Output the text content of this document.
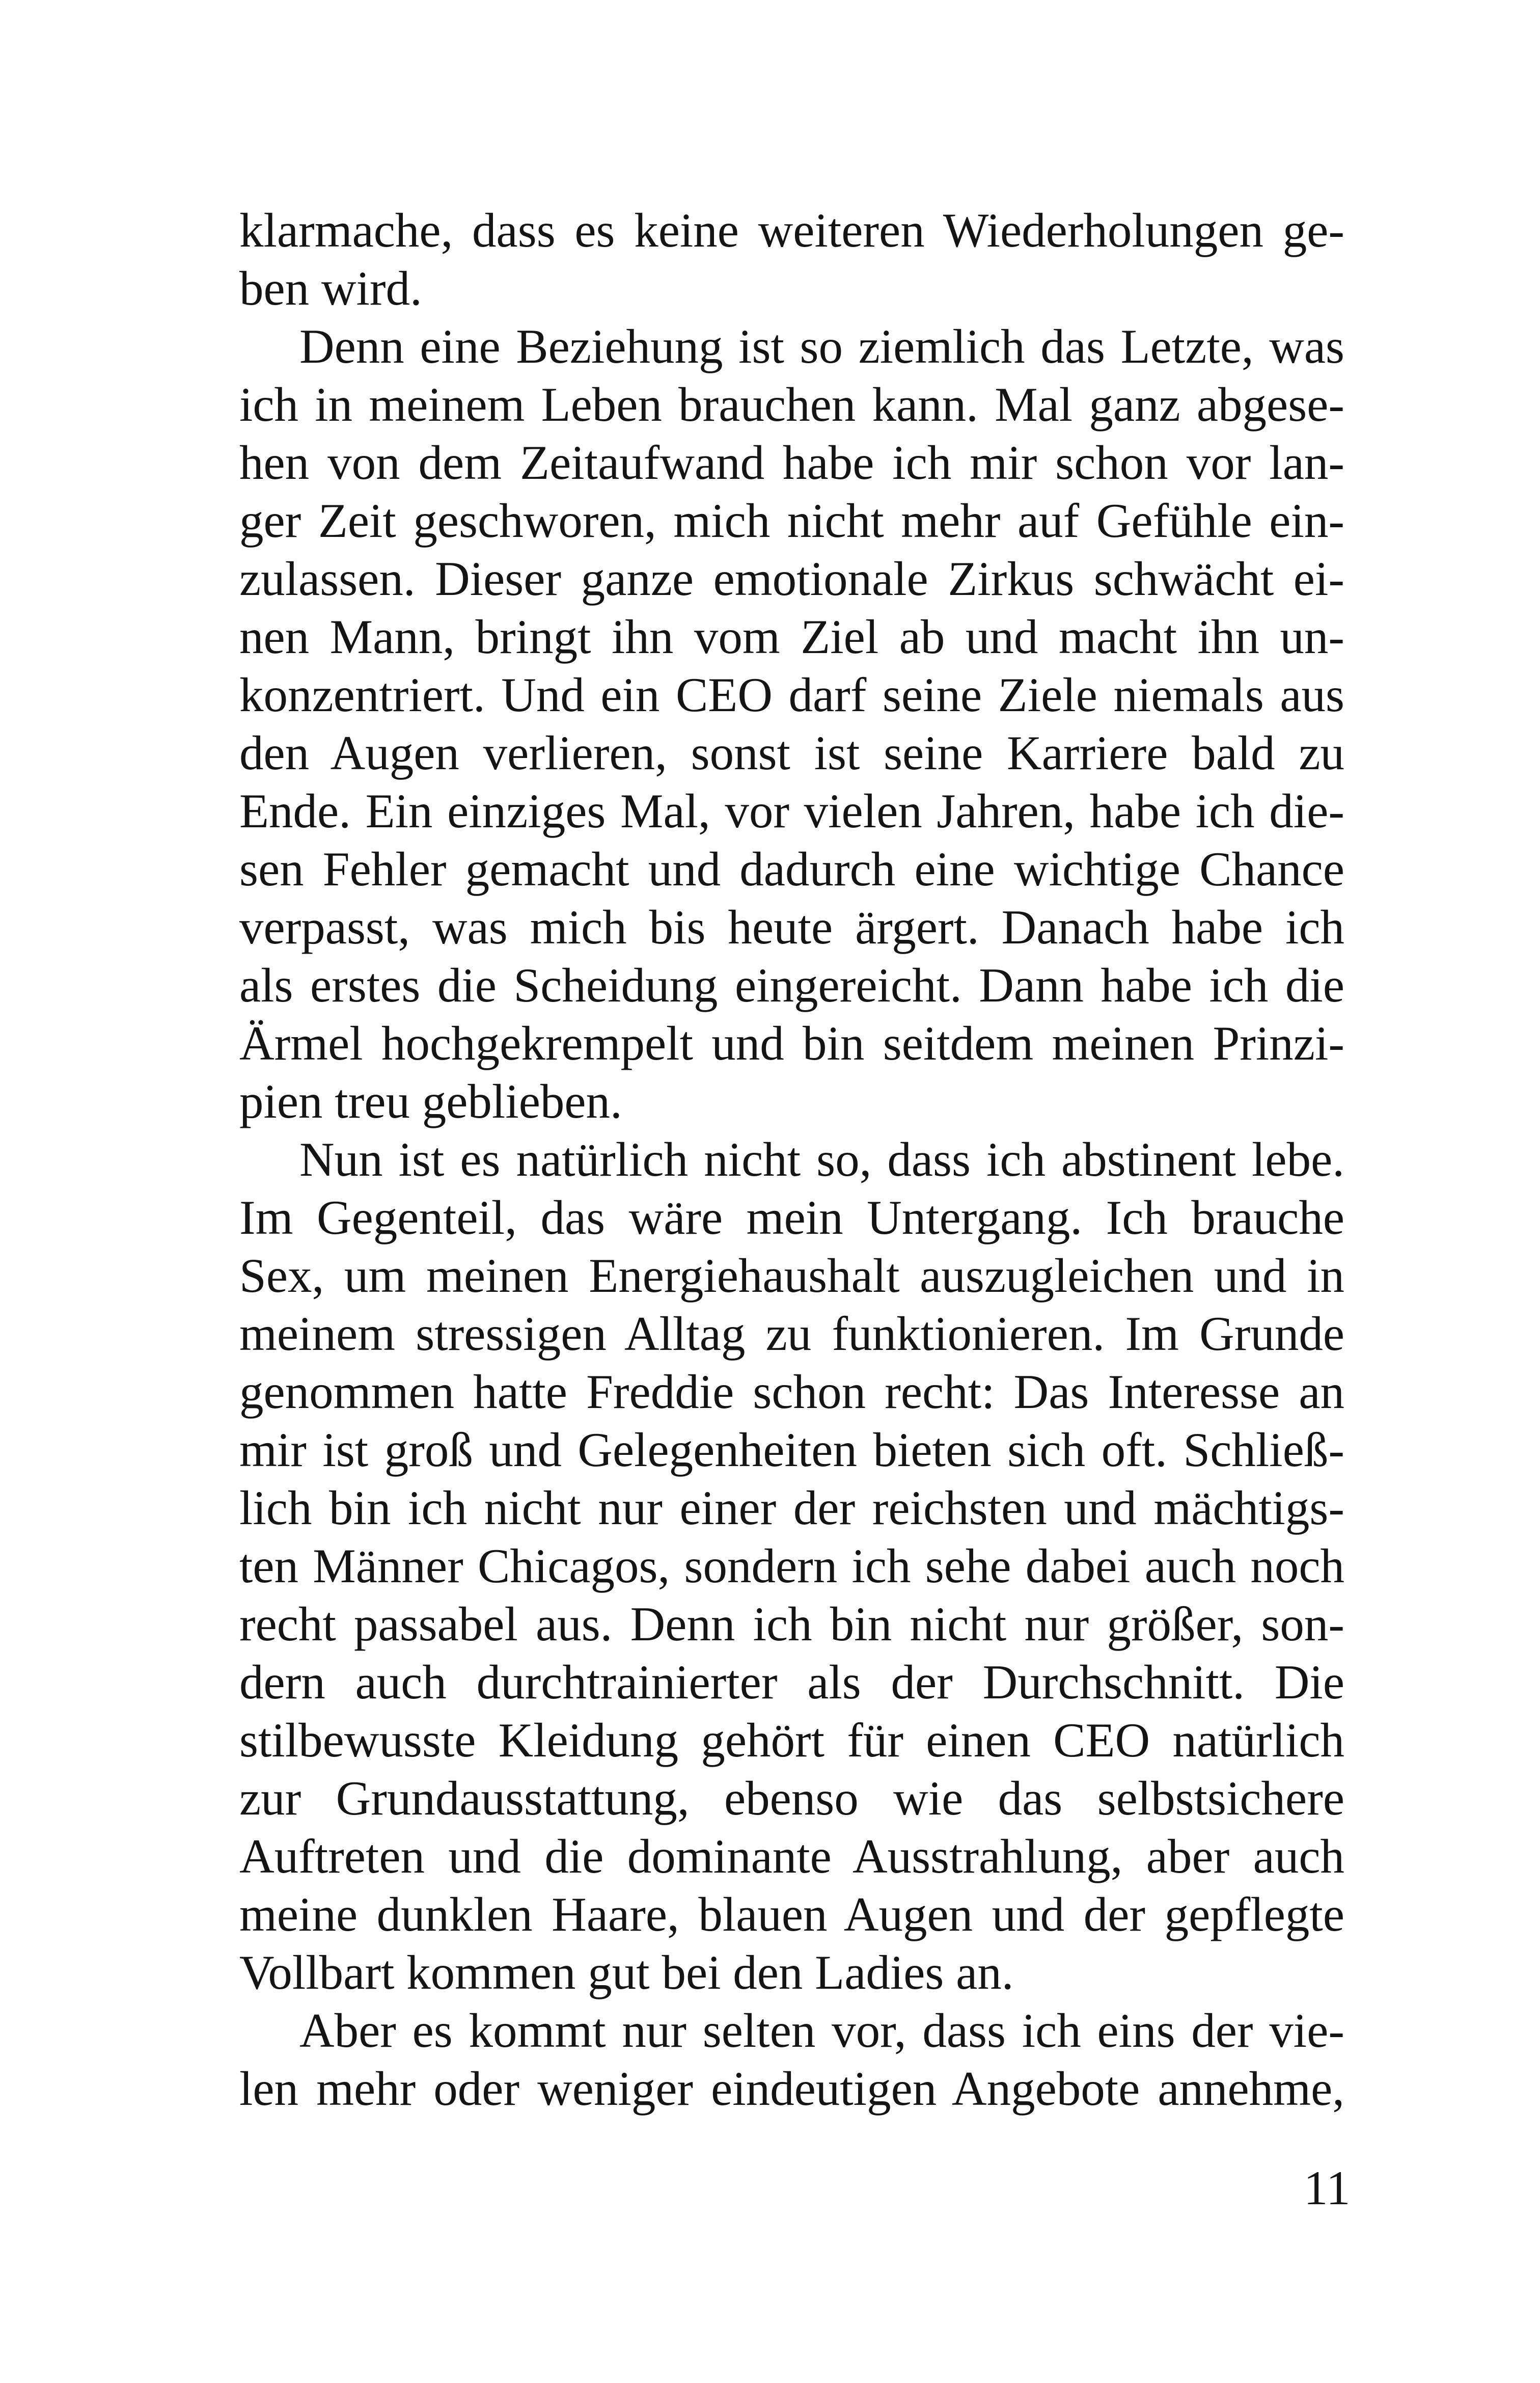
klarmache, dass es keine weiteren Wiederholungen ge-
ben wird.
Denn eine Beziehung ist so ziemlich das Letzte, was
ich in meinem Leben brauchen kann. Mal ganz abgese-
hen von dem Zeitaufwand habe ich mir schon vor lan-
ger Zeit geschworen, mich nicht mehr auf Gefühle ein-
zulassen. Dieser ganze emotionale Zirkus schwächt ei-
nen Mann, bringt ihn vom Ziel ab und macht ihn un-
konzentriert. Und ein CEO darf seine Ziele niemals aus
den Augen verlieren, sonst ist seine Karriere bald zu
Ende. Ein einziges Mal, vor vielen Jahren, habe ich die-
sen Fehler gemacht und dadurch eine wichtige Chance
verpasst, was mich bis heute ärgert. Danach habe ich
als erstes die Scheidung eingereicht. Dann habe ich die
Ärmel hochgekrempelt und bin seitdem meinen Prinzi-
pien treu geblieben.
Nun ist es natürlich nicht so, dass ich abstinent lebe.
Im Gegenteil, das wäre mein Untergang. Ich brauche
Sex, um meinen Energiehaushalt auszugleichen und in
meinem stressigen Alltag zu funktionieren. Im Grunde
genommen hatte Freddie schon recht: Das Interesse an
mir ist groß und Gelegenheiten bieten sich oft. Schließ-
lich bin ich nicht nur einer der reichsten und mächtigs-
ten Männer Chicagos, sondern ich sehe dabei auch noch
recht passabel aus. Denn ich bin nicht nur größer, son-
dern auch durchtrainierter als der Durchschnitt. Die
stilbewusste Kleidung gehört für einen CEO natürlich
zur Grundausstattung, ebenso wie das selbstsichere
Auftreten und die dominante Ausstrahlung, aber auch
meine dunklen Haare, blauen Augen und der gepflegte
Vollbart kommen gut bei den Ladies an.
Aber es kommt nur selten vor, dass ich eins der vie-
len mehr oder weniger eindeutigen Angebote annehme,
11
